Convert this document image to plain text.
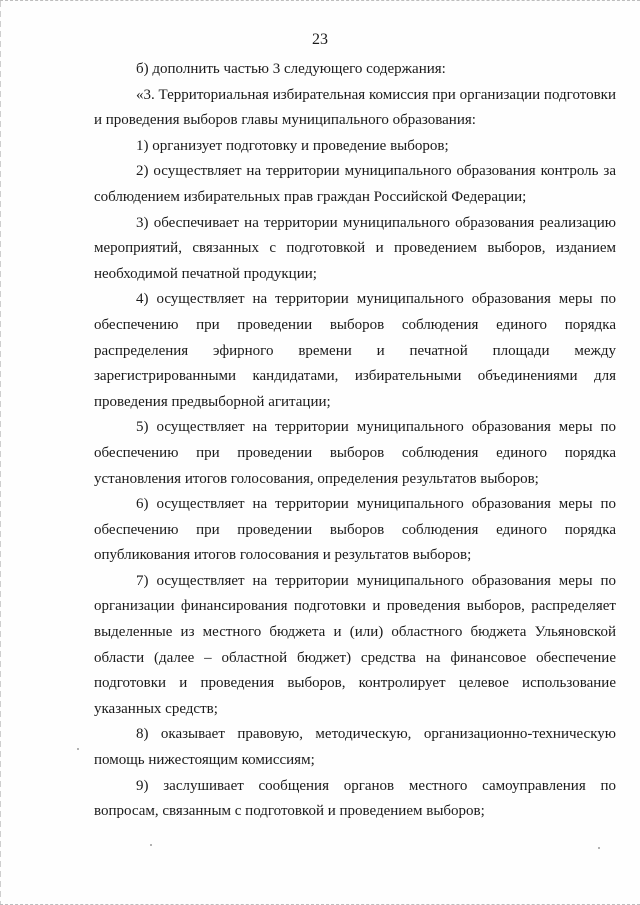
23

б) дополнить частью 3 следующего содержания:

«3. Территориальная избирательная комиссия при организации подготовки и проведения выборов главы муниципального образования:

1) организует подготовку и проведение выборов;

2) осуществляет на территории муниципального образования контроль за соблюдением избирательных прав граждан Российской Федерации;

3) обеспечивает на территории муниципального образования реализацию мероприятий, связанных с подготовкой и проведением выборов, изданием необходимой печатной продукции;

4) осуществляет на территории муниципального образования меры по обеспечению при проведении выборов соблюдения единого порядка распределения эфирного времени и печатной площади между зарегистрированными кандидатами, избирательными объединениями для проведения предвыборной агитации;

5) осуществляет на территории муниципального образования меры по обеспечению при проведении выборов соблюдения единого порядка установления итогов голосования, определения результатов выборов;

6) осуществляет на территории муниципального образования меры по обеспечению при проведении выборов соблюдения единого порядка опубликования итогов голосования и результатов выборов;

7) осуществляет на территории муниципального образования меры по организации финансирования подготовки и проведения выборов, распределяет выделенные из местного бюджета и (или) областного бюджета Ульяновской области (далее – областной бюджет) средства на финансовое обеспечение подготовки и проведения выборов, контролирует целевое использование указанных средств;

8) оказывает правовую, методическую, организационно-техническую помощь нижестоящим комиссиям;

9) заслушивает сообщения органов местного самоуправления по вопросам, связанным с подготовкой и проведением выборов;
